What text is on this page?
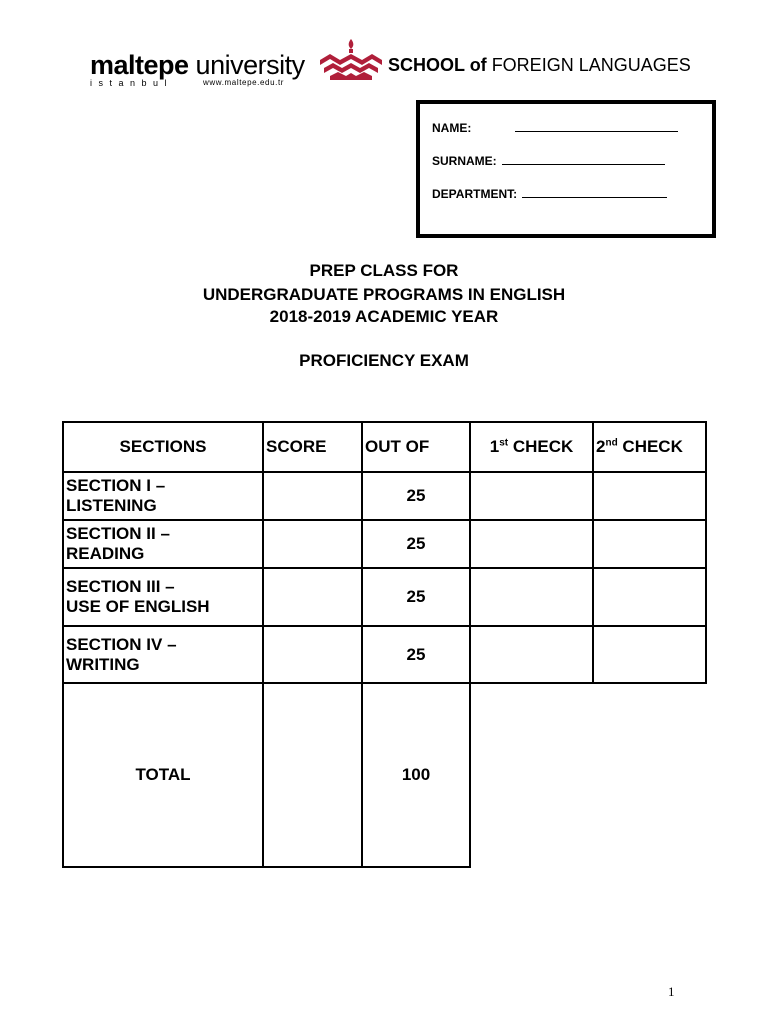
maltepe university
istanbul	www.maltepe.edu.tr	1997
SCHOOL of FOREIGN LANGUAGES
NAME:
SURNAME:
DEPARTMENT:
PREP CLASS FOR
UNDERGRADUATE PROGRAMS IN ENGLISH
2018-2019 ACADEMIC YEAR
PROFICIENCY EXAM
SECTIONS	SCORE	OUT OF	1st CHECK	2nd CHECK

SECTION I –
LISTENING		25		

SECTION II –
READING		25		

SECTION III –
USE OF ENGLISH		25		

SECTION IV –
WRITING		25		
TOTAL		100		
1
